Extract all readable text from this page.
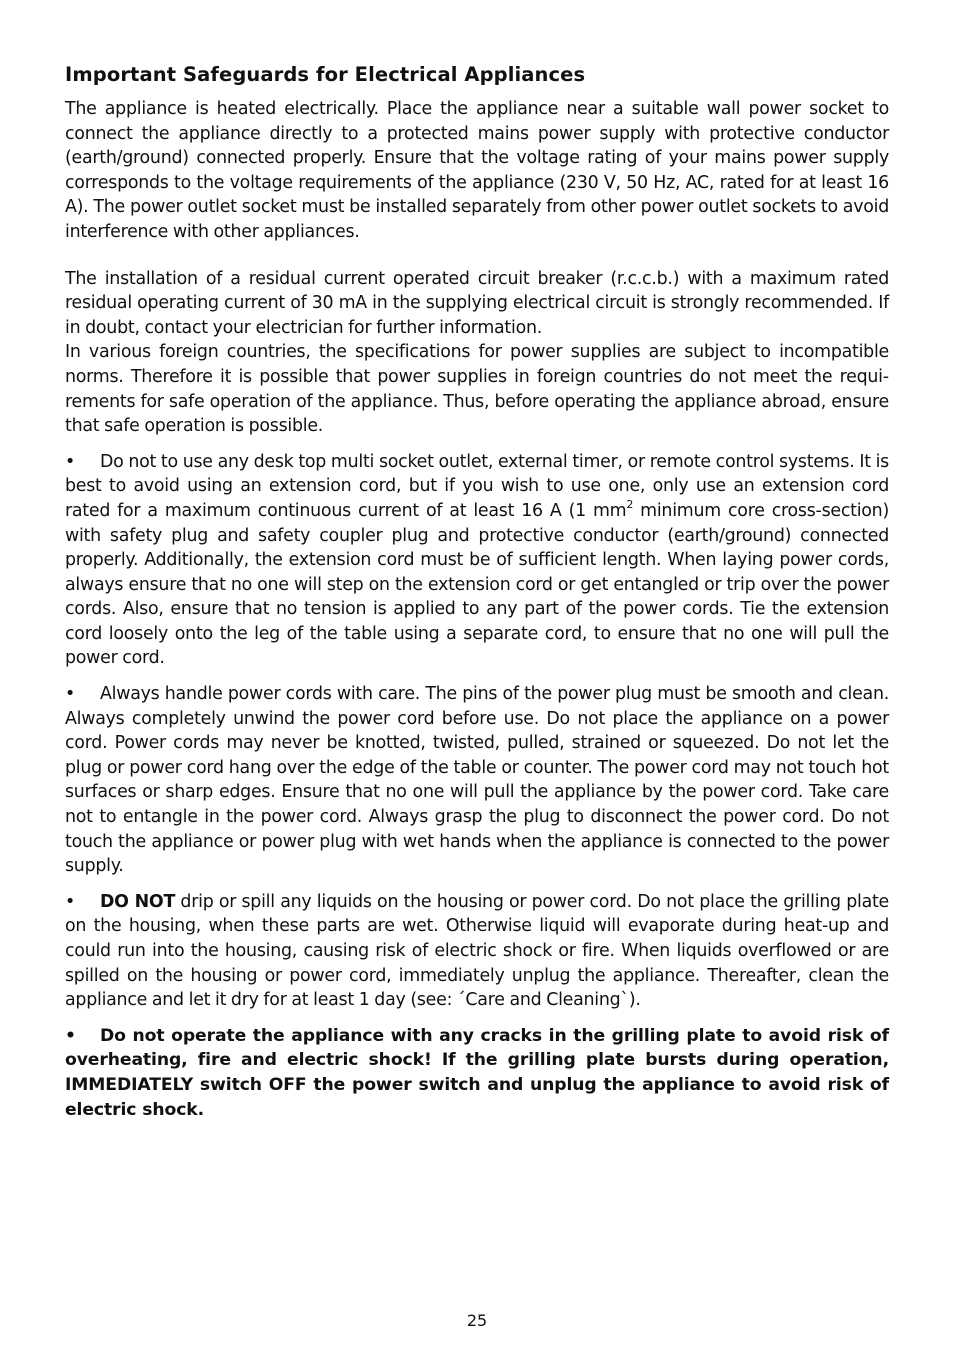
Important Safeguards for Electrical Appliances

The appliance is heated electrically. Place the appliance near a suitable wall power socket to connect the appliance directly to a protected mains power supply with protective conductor (earth/ground) connected properly. Ensure that the voltage rating of your mains power supply corresponds to the voltage requirements of the appliance (230 V, 50 Hz, AC, rated for at least 16 A). The power outlet socket must be installed separately from other power outlet sockets to avoid interference with other appliances.

The installation of a residual current operated circuit breaker (r.c.c.b.) with a maximum rated residual operating current of 30 mA in the supplying electrical circuit is strongly recommended. If in doubt, contact your electrician for further information.

In various foreign countries, the specifications for power supplies are subject to incompatible norms. Therefore it is possible that power supplies in foreign countries do not meet the requirements for safe operation of the appliance. Thus, before operating the appliance abroad, ensure that safe operation is possible.

• Do not to use any desk top multi socket outlet, external timer, or remote control systems. It is best to avoid using an extension cord, but if you wish to use one, only use an extension cord rated for a maximum continuous current of at least 16 A (1 $mm^2$ minimum core cross-section) with safety plug and safety coupler plug and protective conductor (earth/ground) connected properly. Additionally, the extension cord must be of sufficient length. When laying power cords, always ensure that no one will step on the extension cord or get entangled or trip over the power cords. Also, ensure that no tension is applied to any part of the power cords. Tie the extension cord loosely onto the leg of the table using a separate cord, to ensure that no one will pull the power cord.

• Always handle power cords with care. The pins of the power plug must be smooth and clean. Always completely unwind the power cord before use. Do not place the appliance on a power cord. Power cords may never be knotted, twisted, pulled, strained or squeezed. Do not let the plug or power cord hang over the edge of the table or counter. The power cord may not touch hot surfaces or sharp edges. Ensure that no one will pull the appliance by the power cord. Take care not to entangle in the power cord. Always grasp the plug to disconnect the power cord. Do not touch the appliance or power plug with wet hands when the appliance is connected to the power supply.

• DO NOT drip or spill any liquids on the housing or power cord. Do not place the grilling plate on the housing, when these parts are wet. Otherwise liquid will evaporate during heat-up and could run into the housing, causing risk of electric shock or fire. When liquids overflowed or are spilled on the housing or power cord, immediately unplug the appliance. Thereafter, clean the appliance and let it dry for at least 1 day (see: ´Care and Cleaning`).

• Do not operate the appliance with any cracks in the grilling plate to avoid risk of overheating, fire and electric shock! If the grilling plate bursts during operation, IMMEDIATELY switch OFF the power switch and unplug the appliance to avoid risk of electric shock.

25
